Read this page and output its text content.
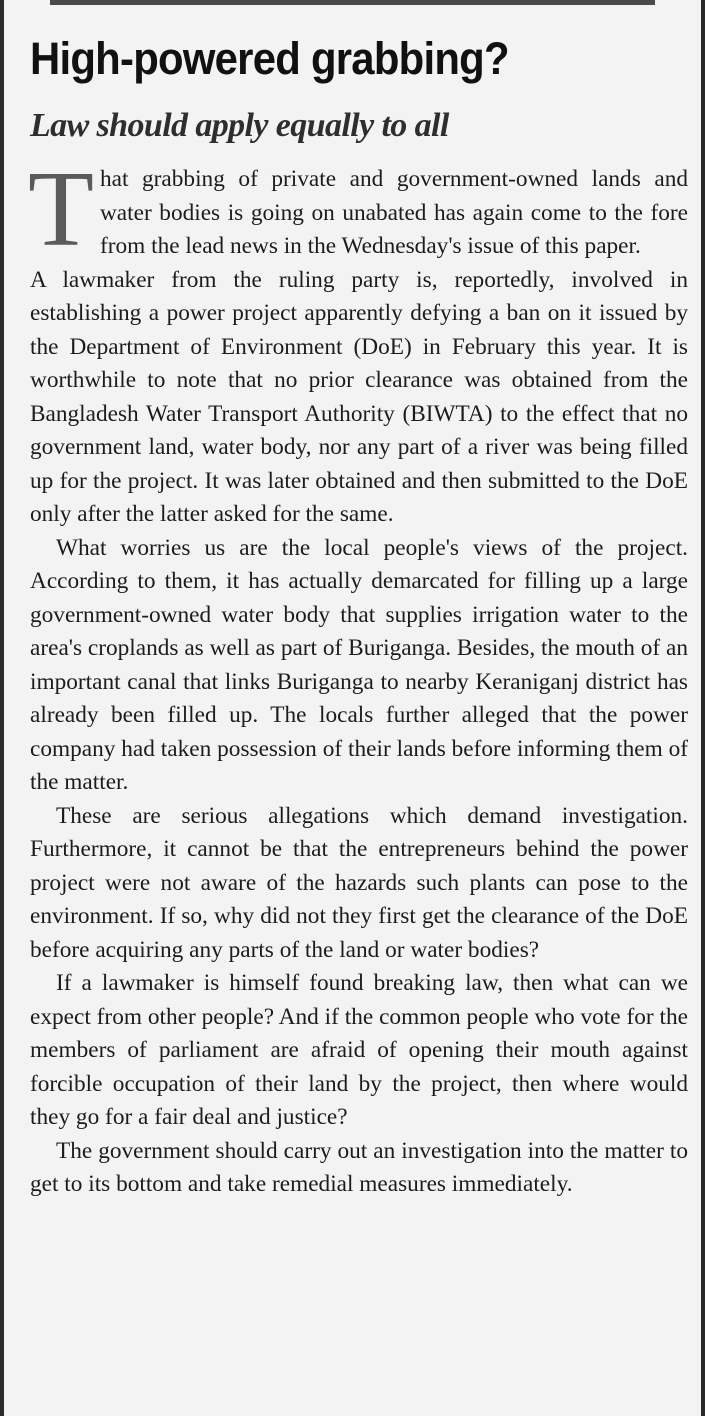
High-powered grabbing?
Law should apply equally to all

That grabbing of private and government-owned lands and water bodies is going on unabated has again come to the fore from the lead news in the Wednesday's issue of this paper.

A lawmaker from the ruling party is, reportedly, involved in establishing a power project apparently defying a ban on it issued by the Department of Environment (DoE) in February this year. It is worthwhile to note that no prior clearance was obtained from the Bangladesh Water Transport Authority (BIWTA) to the effect that no government land, water body, nor any part of a river was being filled up for the project. It was later obtained and then submitted to the DoE only after the latter asked for the same.

What worries us are the local people's views of the project. According to them, it has actually demarcated for filling up a large government-owned water body that supplies irrigation water to the area's croplands as well as part of Buriganga. Besides, the mouth of an important canal that links Buriganga to nearby Keraniganj district has already been filled up. The locals further alleged that the power company had taken possession of their lands before informing them of the matter.

These are serious allegations which demand investigation. Furthermore, it cannot be that the entrepreneurs behind the power project were not aware of the hazards such plants can pose to the environment. If so, why did not they first get the clearance of the DoE before acquiring any parts of the land or water bodies?

If a lawmaker is himself found breaking law, then what can we expect from other people? And if the common people who vote for the members of parliament are afraid of opening their mouth against forcible occupation of their land by the project, then where would they go for a fair deal and justice?

The government should carry out an investigation into the matter to get to its bottom and take remedial measures immediately.
